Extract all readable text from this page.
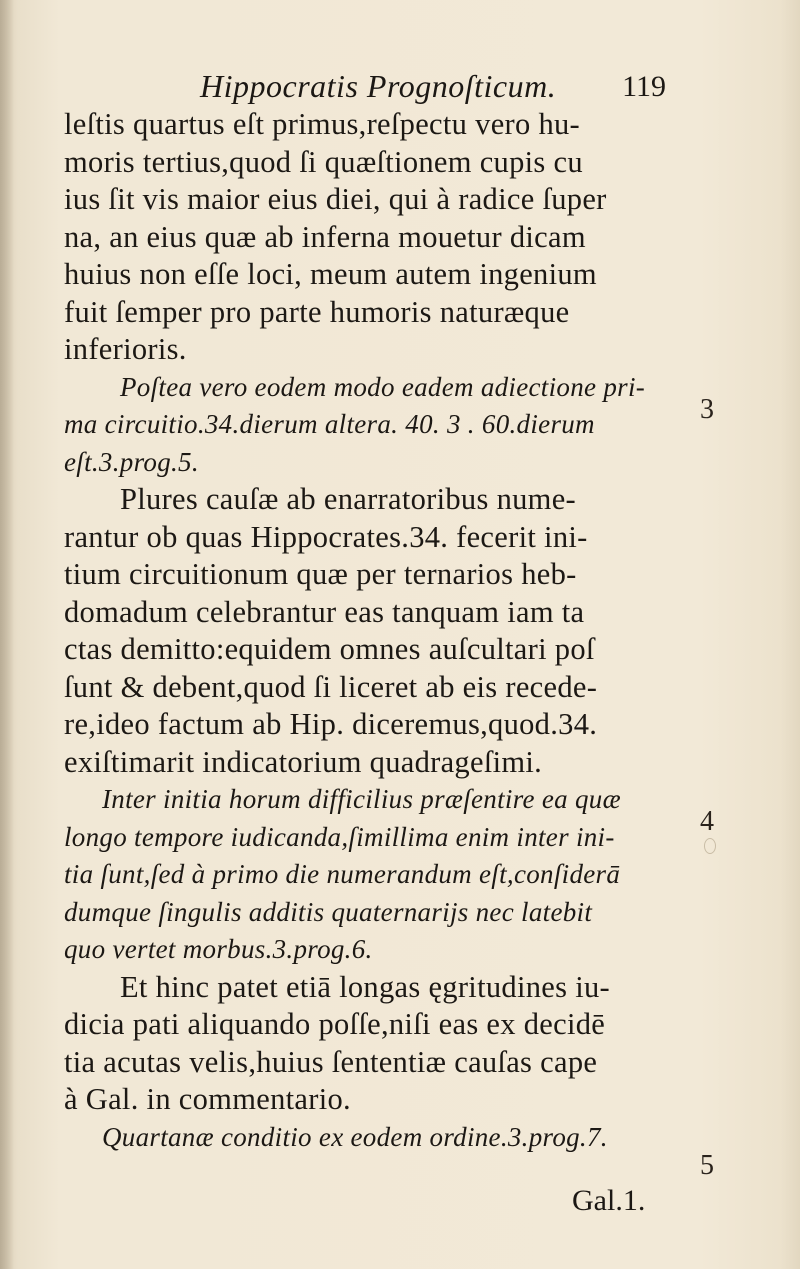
Hippocratis Prognoſticum. 119
leſtis quartus eſt primus,reſpectu vero hu-
moris tertius,quod ſi quæſtionem cupis cu
ius ſit vis maior eius diei, qui à radice ſuper
na, an eius quæ ab inferna mouetur dicam
huius non eſſe loci, meum autem ingenium
fuit ſemper pro parte humoris naturæque
inferioris.
Poſtea vero eodem modo eadem adiectione pri-
ma circuitio.34.dierum altera. 40. 3 . 60.dierum
eſt.3.prog.5.
Plures cauſæ ab enarratoribus nume-
rantur ob quas Hippocrates.34. fecerit ini-
tium circuitionum quæ per ternarios heb-
domadum celebrantur eas tanquam iam ta
ctas demitto:equidem omnes auſcultari poſ
ſunt & debent,quod ſi liceret ab eis recede-
re,ideo factum ab Hip. diceremus,quod.34.
exiſtimarit indicatorium quadrageſimi.
Inter initia horum difficilius præſentire ea quæ
longo tempore iudicanda,ſimillima enim inter ini-
tia ſunt,ſed à primo die numerandum eſt,conſiderā
dumque ſingulis additis quaternarijs nec latebit
quo vertet morbus.3.prog.6.
Et hinc patet etiā longas ęgritudines iu-
dicia pati aliquando poſſe,niſi eas ex decidē
tia acutas velis,huius ſententiæ cauſas cape
à Gal. in commentario.
Quartanæ conditio ex eodem ordine.3.prog.7.
3
4
5
Gal.1.
